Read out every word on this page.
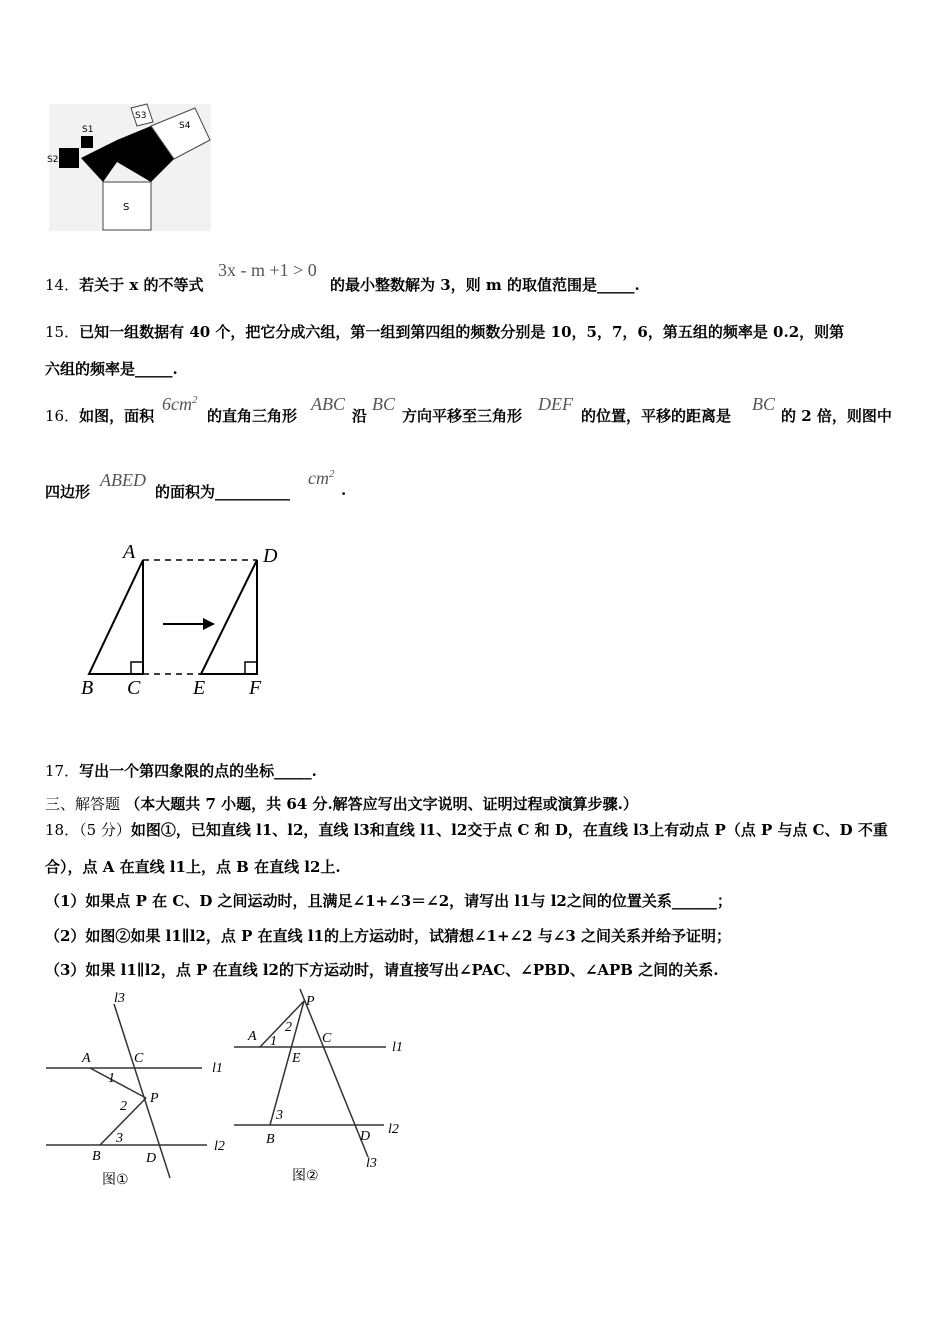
S1
S2
S3
S4
S
14．若关于 x 的不等式
3x - m +1 > 0
的最小整数解为 3，则 m 的取值范围是_____.
15．已知一组数据有 40 个，把它分成六组，第一组到第四组的频数分别是 10，5，7，6，第五组的频率是 0.2，则第
六组的频率是_____.
16．如图，面积
$6cm^2$
的直角三角形
ABC
沿
BC
方向平移至三角形
DEF
的位置，平移的距离是
BC
的 2 倍，则图中
四边形
ABED
的面积为__________
$cm^2$
.
A
B C
D
E F
17．写出一个第四象限的点的坐标_____.
三、解答题 （本大题共 7 小题，共 64 分.解答应写出文字说明、证明过程或演算步骤.）
18．（5 分）如图①，已知直线 l1、l2，直线 l3和直线 l1、l2交于点 C 和 D，在直线 l3上有动点 P（点 P 与点 C、D 不重
合），点 A 在直线 l1上，点 B 在直线 l2上.
（1）如果点 P 在 C、D 之间运动时，且满足∠1+∠3＝∠2，请写出 l1与 l2之间的位置关系______；
（2）如图②如果 l1∥l2，点 P 在直线 l1的上方运动时，试猜想∠1+∠2 与∠3 之间关系并给予证明；
（3）如果 l1∥l2，点 P 在直线 l2的下方运动时，请直接写出∠PAC、∠PBD、∠APB 之间的关系.
l3
A	C
l1
1
2
P
3
B	D
l2
图①
P
2
A 1	C
l1
E
3
B	D l2
l3
图②
